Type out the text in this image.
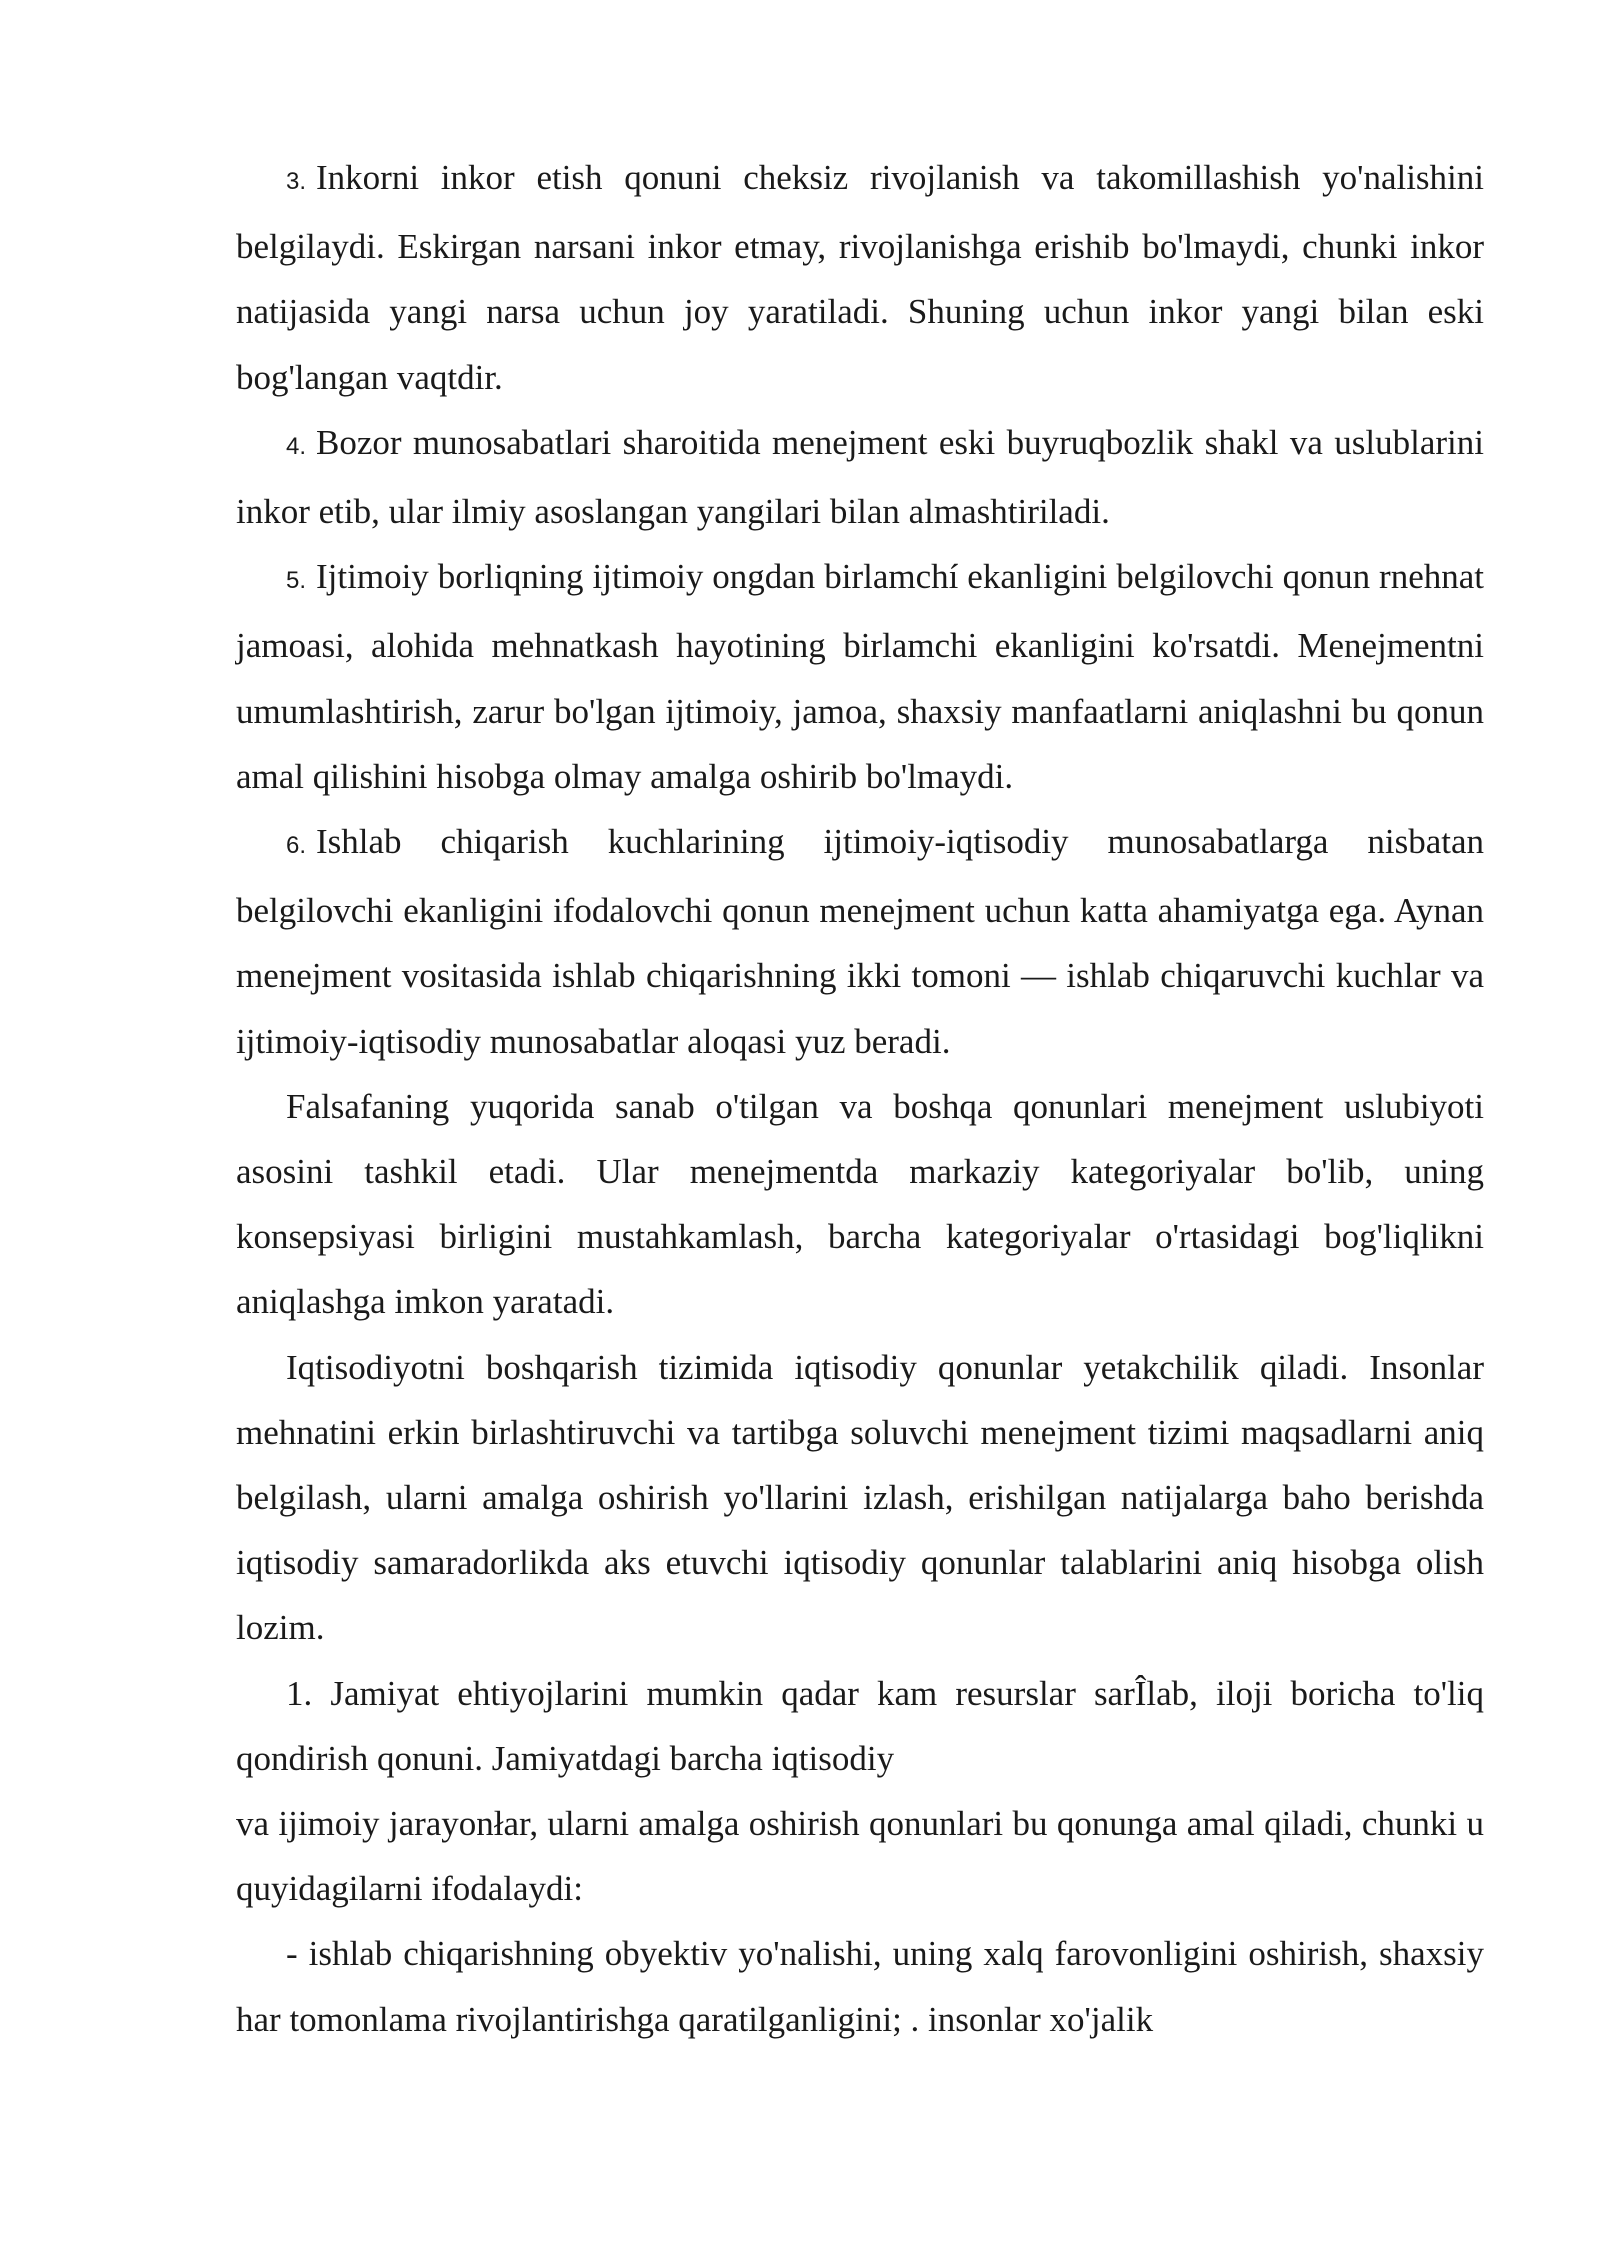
3. Inkorni inkor etish qonuni cheksiz rivojlanish va takomillashish yo'nalishini belgilaydi. Eskirgan narsani inkor etmay, rivojlanishga erishib bo'lmaydi, chunki inkor natijasida yangi narsa uchun joy yaratiladi. Shuning uchun inkor yangi bilan eski bog'langan vaqtdir.

4. Bozor munosabatlari sharoitida menejment eski buyruqbozlik shakl va uslublarini inkor etib, ular ilmiy asoslangan yangilari bilan almashtiriladi.

5. Ijtimoiy borliqning ijtimoiy ongdan birlamchí ekanligini belgilovchi qonun rnehnat jamoasi, alohida mehnatkash hayotining birlamchi ekanligini ko'rsatdi. Menejmentni umumlashtirish, zarur bo'lgan ijtimoiy, jamoa, shaxsiy manfaatlarni aniqlashni bu qonun amal qilishini hisobga olmay amalga oshirib bo'lmaydi.

6. Ishlab chiqarish kuchlarining ijtimoiy-iqtisodiy munosabatlarga nisbatan belgilovchi ekanligini ifodalovchi qonun menejment uchun katta ahamiyatga ega. Aynan menejment vositasida ishlab chiqarishning ikki tomoni — ishlab chiqaruvchi kuchlar va ijtimoiy-iqtisodiy munosabatlar aloqasi yuz beradi.

Falsafaning yuqorida sanab o'tilgan va boshqa qonunlari menejment uslubiyoti asosini tashkil etadi. Ular menejmentda markaziy kategoriyalar bo'lib, uning konsepsiyasi birligini mustahkamlash, barcha kategoriyalar o'rtasidagi bog'liqlikni aniqlashga imkon yaratadi.

Iqtisodiyotni boshqarish tizimida iqtisodiy qonunlar yetakchilik qiladi. Insonlar mehnatini erkin birlashtiruvchi va tartibga soluvchi menejment tizimi maqsadlarni aniq belgilash, ularni amalga oshirish yo'llarini izlash, erishilgan natijalarga baho berishda iqtisodiy samaradorlikda aks etuvchi iqtisodiy qonunlar talablarini aniq hisobga olish lozim.

1. Jamiyat ehtiyojlarini mumkin qadar kam resurslar sarÎlab, iloji boricha to'liq qondirish qonuni. Jamiyatdagi barcha iqtisodiy

va ijimoiy jarayonłar, ularni amalga oshirish qonunlari bu qonunga amal qiladi, chunki u quyidagilarni ifodalaydi:

- ishlab chiqarishning obyektiv yo'nalishi, uning xalq farovonligini oshirish, shaxsiy har tomonlama rivojlantirishga qaratilganligini; . insonlar xo'jalik
